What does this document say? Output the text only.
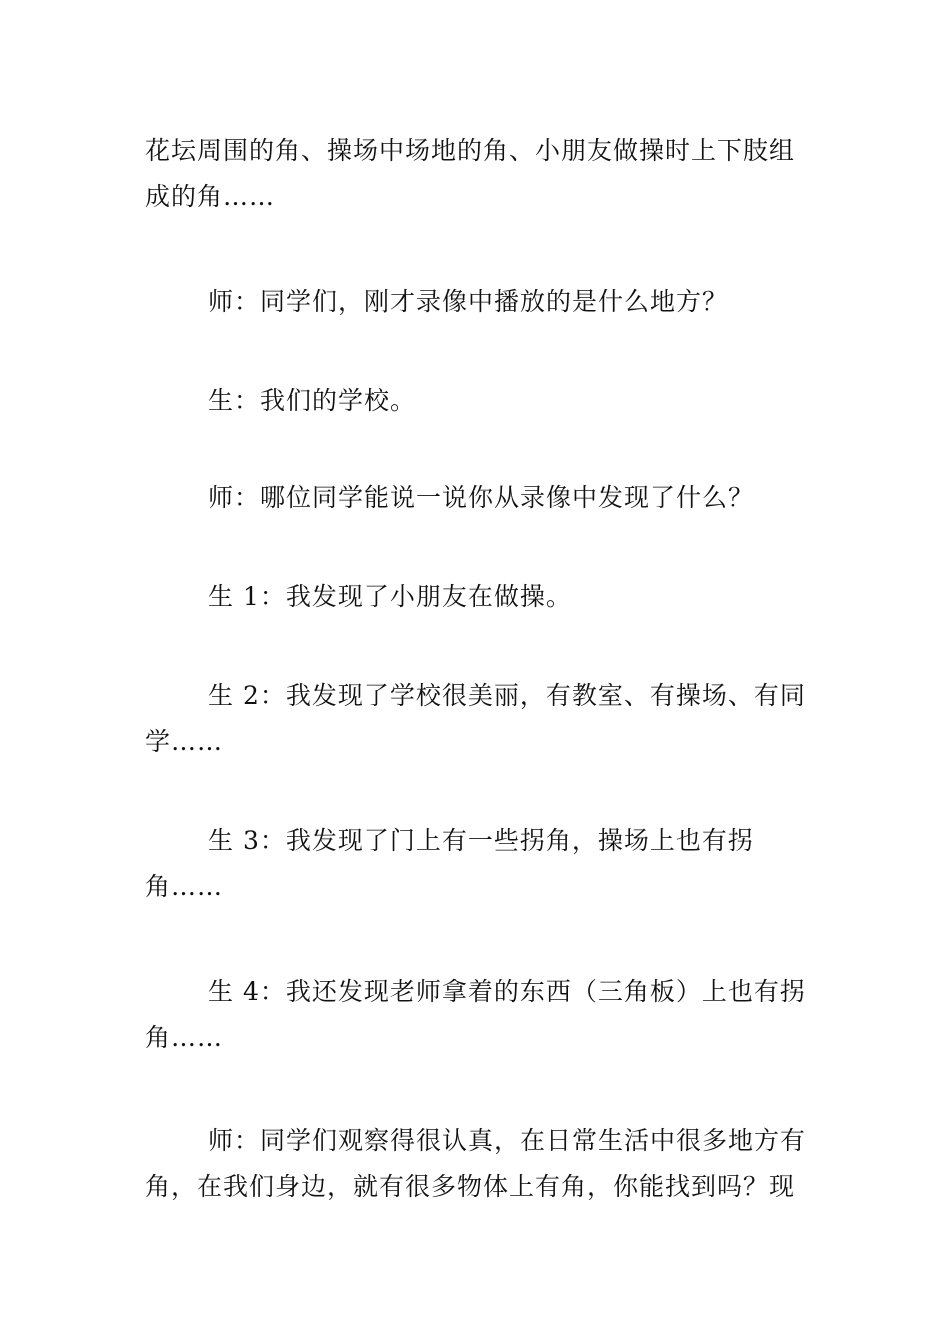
花坛周围的角、操场中场地的角、小朋友做操时上下肢组成的角……

师：同学们，刚才录像中播放的是什么地方？

生：我们的学校。

师：哪位同学能说一说你从录像中发现了什么？

生 1：我发现了小朋友在做操。

生 2：我发现了学校很美丽，有教室、有操场、有同学……

生 3：我发现了门上有一些拐角，操场上也有拐角……

生 4：我还发现老师拿着的东西（三角板）上也有拐角……

师：同学们观察得很认真，在日常生活中很多地方有角，在我们身边，就有很多物体上有角，你能找到吗？现
